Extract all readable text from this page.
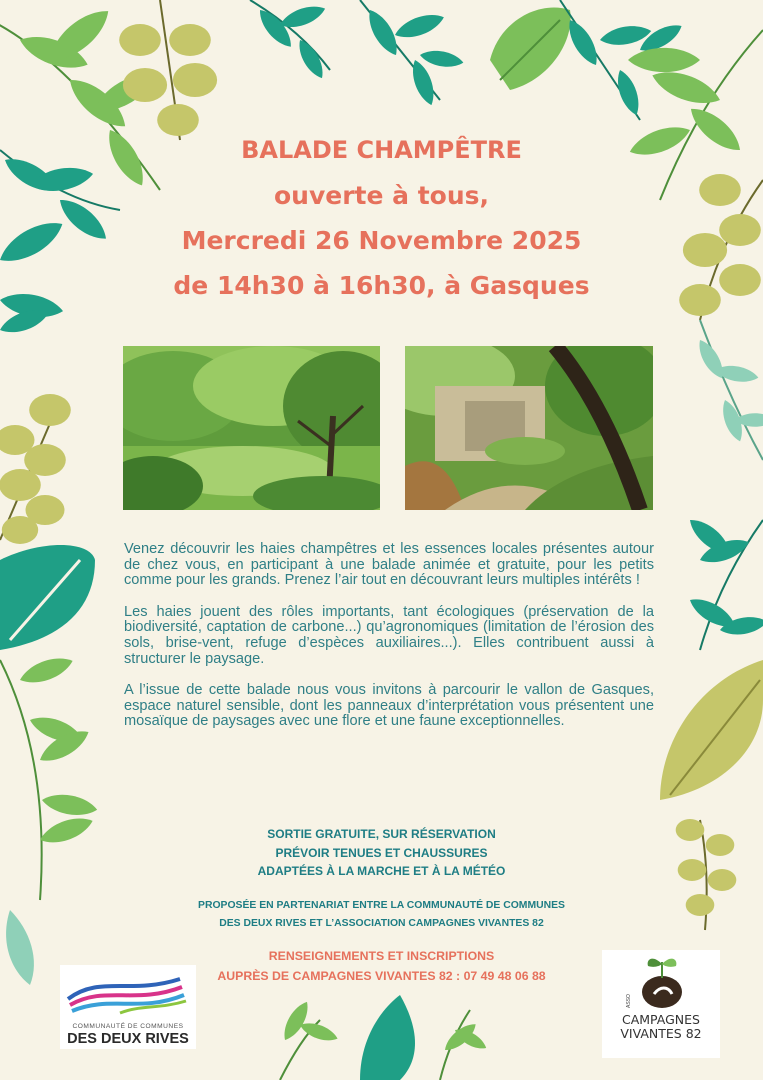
BALADE CHAMPÊTRE
ouverte à tous,
Mercredi 26 Novembre 2025
de 14h30 à 16h30, à Gasques

Venez découvrir les haies champêtres et les essences locales présentes autour de chez vous, en participant à une balade animée et gratuite, pour les petits comme pour les grands. Prenez l’air tout en découvrant leurs multiples intérêts !

Les haies jouent des rôles importants, tant écologiques (préservation de la biodiversité, captation de carbone...) qu’agronomiques (limitation de l’érosion des sols, brise-vent, refuge d’espèces auxiliaires...). Elles contribuent aussi à structurer le paysage.

A l’issue de cette balade nous vous invitons à parcourir le vallon de Gasques, espace naturel sensible, dont les panneaux d’interprétation vous présentent une mosaïque de paysages avec une flore et une faune exceptionnelles.

SORTIE GRATUITE, SUR RÉSERVATION
PRÉVOIR TENUES ET CHAUSSURES
ADAPTÉES À LA MARCHE ET À LA MÉTÉO
PROPOSÉE EN PARTENARIAT ENTRE LA COMMUNAUTÉ DE COMMUNES
DES DEUX RIVES ET L’ASSOCIATION CAMPAGNES VIVANTES 82
RENSEIGNEMENTS ET INSCRIPTIONS
AUPRÈS DE CAMPAGNES VIVANTES 82 : 07 49 48 06 88
COMMUNAUTÉ DE COMMUNES
DES DEUX RIVES
ASSO
CAMPAGNES
VIVANTES 82
